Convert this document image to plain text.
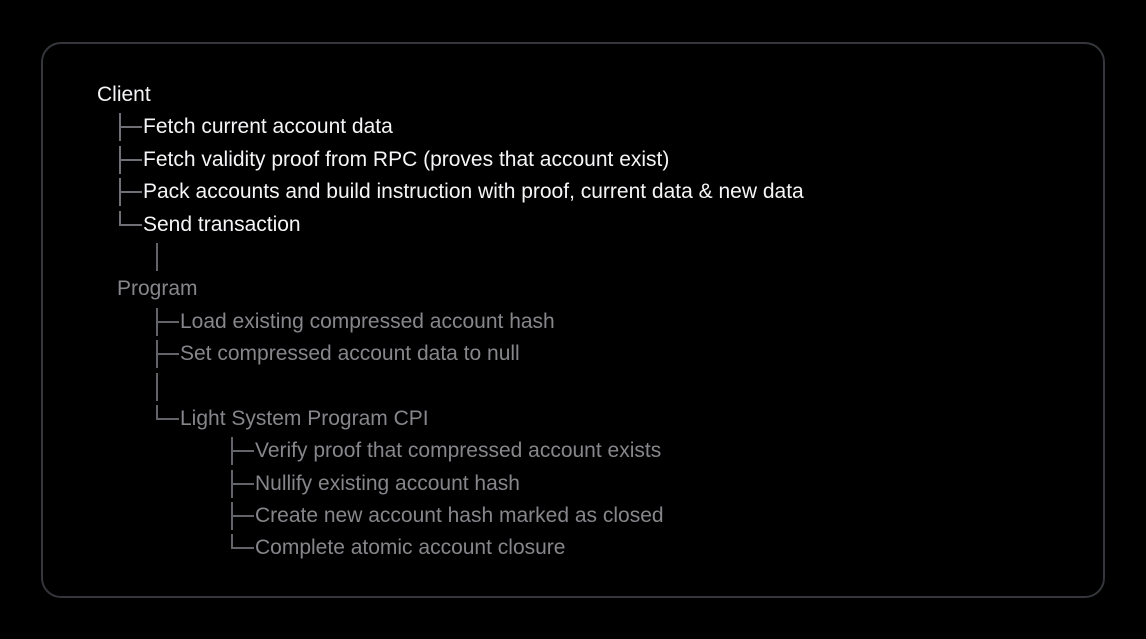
Client
Fetch current account data
Fetch validity proof from RPC (proves that account exist)
Pack accounts and build instruction with proof, current data & new data
Send transaction
Program
Load existing compressed account hash
Set compressed account data to null
Light System Program CPI
Verify proof that compressed account exists
Nullify existing account hash
Create new account hash marked as closed
Complete atomic account closure
